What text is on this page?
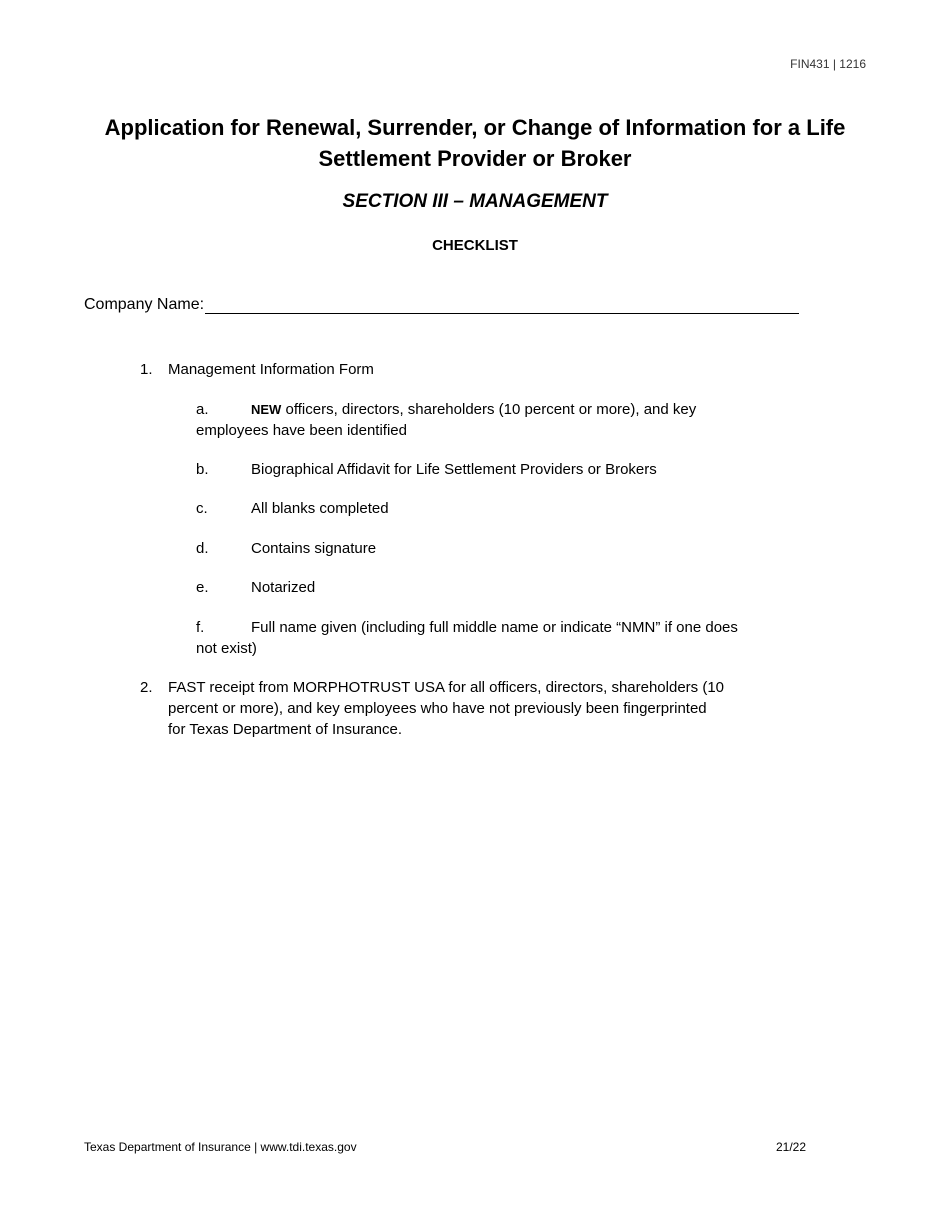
FIN431 | 1216
Application for Renewal, Surrender, or Change of Information for a Life
Settlement Provider or Broker
SECTION III – MANAGEMENT
CHECKLIST
Company Name:
1. Management Information Form
a.	NEW officers, directors, shareholders (10 percent or more), and key employees have been identified
b.	Biographical Affidavit for Life Settlement Providers or Brokers
c.	All blanks completed
d.	Contains signature
e.	Notarized
f.	Full name given (including full middle name or indicate “NMN” if one does not exist)
2. FAST receipt from MORPHOTRUST USA for all officers, directors, shareholders (10
percent or more), and key employees who have not previously been fingerprinted
for Texas Department of Insurance.
Texas Department of Insurance | www.tdi.texas.gov	21/22
